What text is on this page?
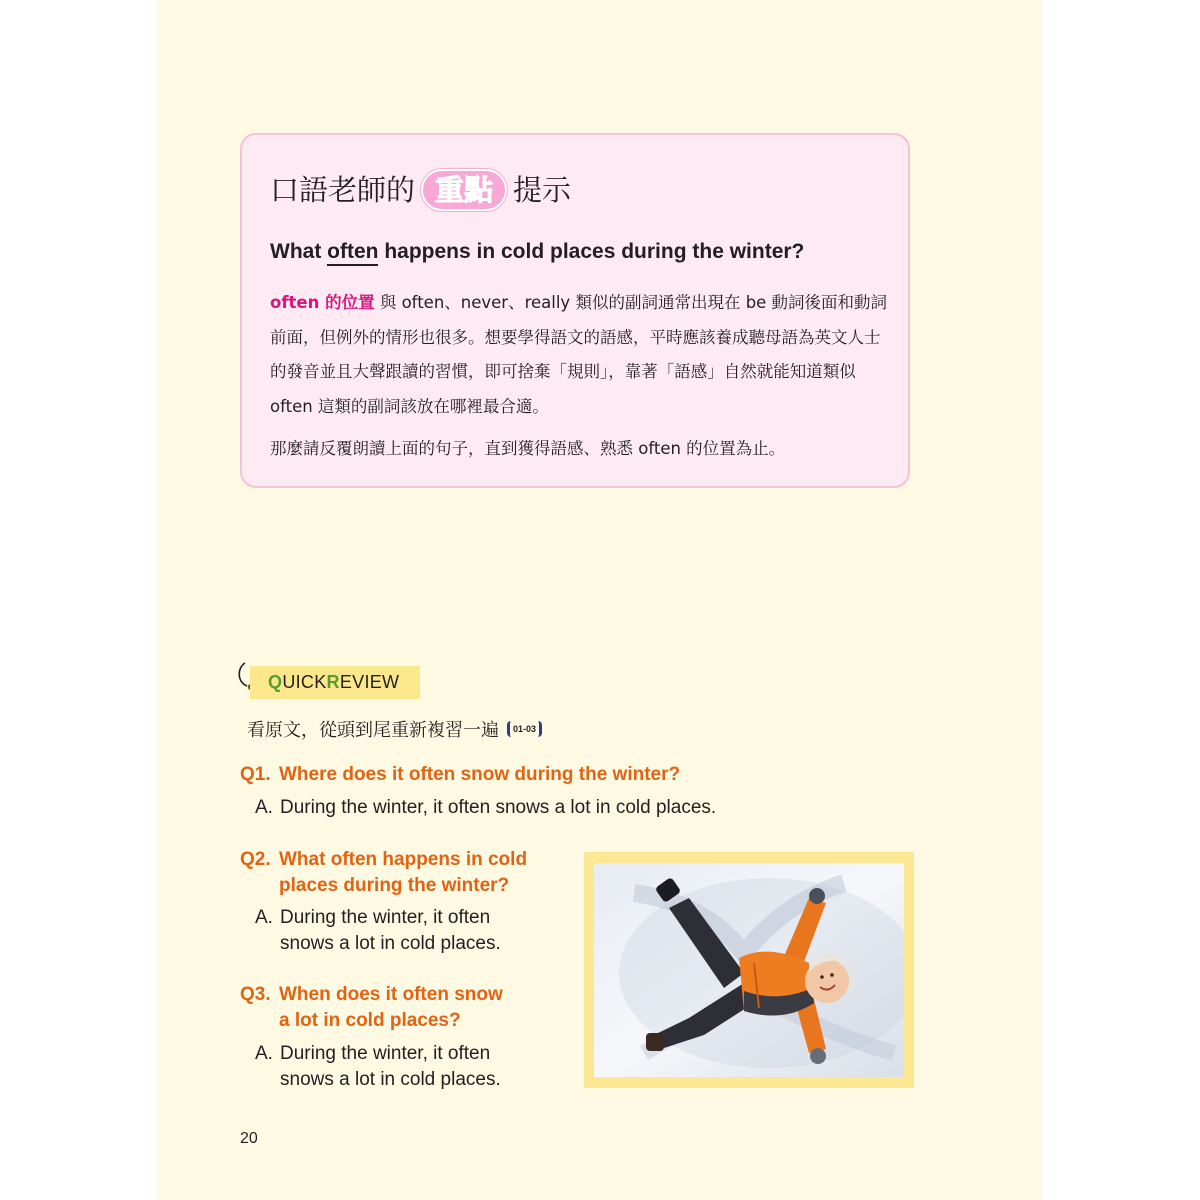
口語老師的 重點 提示
What often happens in cold places during the winter?

often 的位置 與 often、never、really 類似的副詞通常出現在 be 動詞後面和動詞前面，但例外的情形也很多。想要學得語文的語感，平時應該養成聽母語為英文人士的發音並且大聲跟讀的習慣，即可捨棄「規則」，靠著「語感」自然就能知道類似 often 這類的副詞該放在哪裡最合適。

那麼請反覆朗讀上面的句子，直到獲得語感、熟悉 often 的位置為止。

Q UICK R EVIEW
看原文，從頭到尾重新複習一遍 01-03

Q1. Where does it often snow during the winter?

A. During the winter, it often snows a lot in cold places.

Q2. What often happens in cold
places during the winter?

A. During the winter, it often
snows a lot in cold places.

Q3. When does it often snow
a lot in cold places?

A. During the winter, it often
snows a lot in cold places.

20
